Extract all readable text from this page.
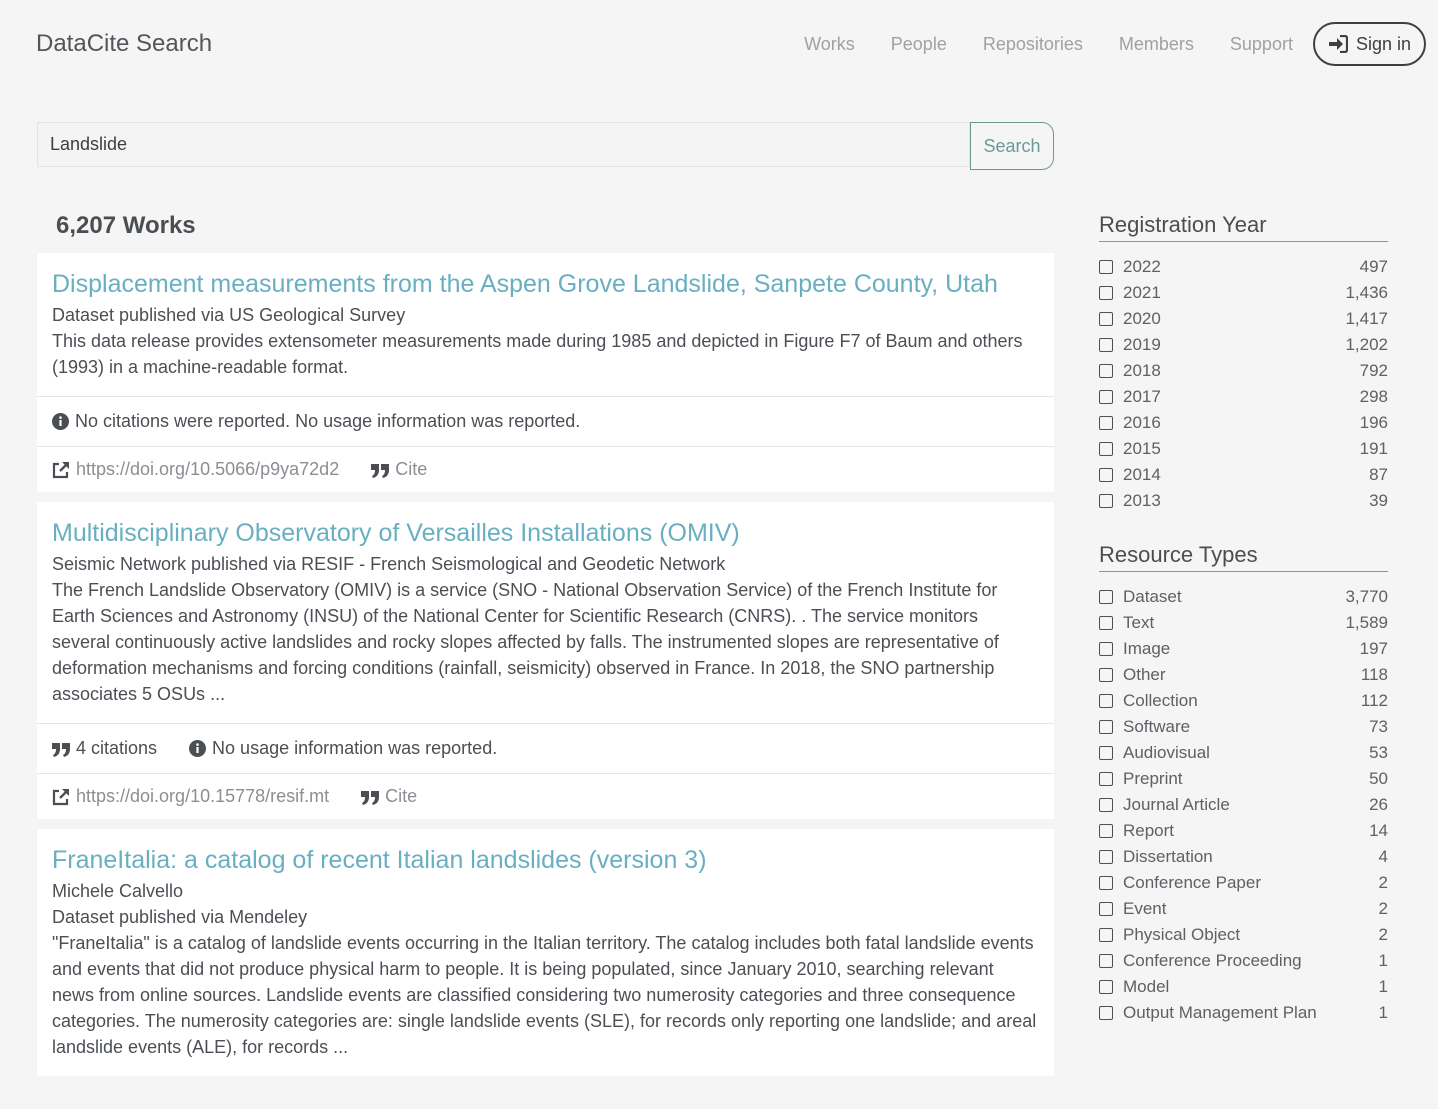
DataCite Search	Works People Repositories Members Support	Sign in
Landslide
Search
6,207 Works
Displacement measurements from the Aspen Grove Landslide, Sanpete County, Utah
Dataset published via US Geological Survey
This data release provides extensometer measurements made during 1985 and depicted in Figure F7 of Baum and others (1993) in a machine-readable format.
No citations were reported. No usage information was reported.
https://doi.org/10.5066/p9ya72d2	Cite
Multidisciplinary Observatory of Versailles Installations (OMIV)
Seismic Network published via RESIF - French Seismological and Geodetic Network
The French Landslide Observatory (OMIV) is a service (SNO - National Observation Service) of the French Institute for Earth Sciences and Astronomy (INSU) of the National Center for Scientific Research (CNRS). . The service monitors several continuously active landslides and rocky slopes affected by falls. The instrumented slopes are representative of deformation mechanisms and forcing conditions (rainfall, seismicity) observed in France. In 2018, the SNO partnership associates 5 OSUs ...
4 citations	No usage information was reported.
https://doi.org/10.15778/resif.mt	Cite
FraneItalia: a catalog of recent Italian landslides (version 3)
Michele Calvello
Dataset published via Mendeley
"FraneItalia" is a catalog of landslide events occurring in the Italian territory. The catalog includes both fatal landslide events and events that did not produce physical harm to people. It is being populated, since January 2010, searching relevant news from online sources. Landslide events are classified considering two numerosity categories and three consequence categories. The numerosity categories are: single landslide events (SLE), for records only reporting one landslide; and areal landslide events (ALE), for records ...
Registration Year
2022	497
2021	1,436
2020	1,417
2019	1,202
2018	792
2017	298
2016	196
2015	191
2014	87
2013	39
Resource Types
Dataset	3,770
Text	1,589
Image	197
Other	118
Collection	112
Software	73
Audiovisual	53
Preprint	50
Journal Article	26
Report	14
Dissertation	4
Conference Paper	2
Event	2
Physical Object	2
Conference Proceeding	1
Model	1
Output Management Plan	1
